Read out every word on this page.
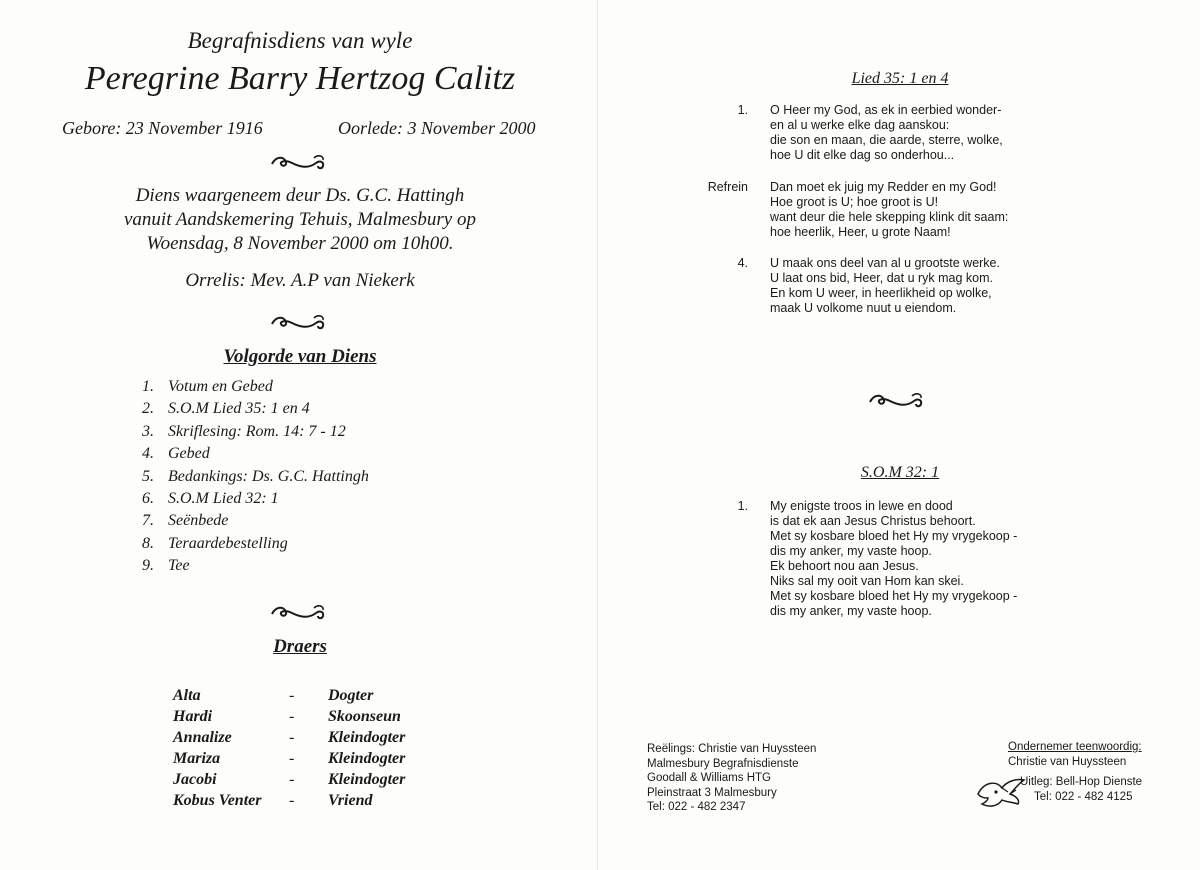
Begrafnisdiens van wyle
Peregrine Barry Hertzog Calitz
Gebore: 23 November 1916	Oorlede: 3 November 2000
Diens waargeneem deur Ds. G.C. Hattingh
vanuit Aandskemering Tehuis, Malmesbury op
Woensdag, 8 November 2000 om 10h00.
Orrelis: Mev. A.P van Niekerk
Volgorde van Diens
1. Votum en Gebed
2. S.O.M Lied 35: 1 en 4
3. Skriflesing: Rom. 14: 7 - 12
4. Gebed
5. Bedankings: Ds. G.C. Hattingh
6. S.O.M Lied 32: 1
7. Seënbede
8. Teraardebestelling
9. Tee
Draers
Alta	- Dogter
Hardi	- Skoonseun
Annalize	- Kleindogter
Mariza	- Kleindogter
Jacobi	- Kleindogter
Kobus Venter - Vriend
Lied 35: 1 en 4
1. O Heer my God, as ek in eerbied wonder-
en al u werke elke dag aanskou:
die son en maan, die aarde, sterre, wolke,
hoe U dit elke dag so onderhou...
Refrein Dan moet ek juig my Redder en my God!
Hoe groot is U; hoe groot is U!
want deur die hele skepping klink dit saam:
hoe heerlik, Heer, u grote Naam!
4. U maak ons deel van al u grootste werke.
U laat ons bid, Heer, dat u ryk mag kom.
En kom U weer, in heerlikheid op wolke,
maak U volkome nuut u eiendom.
S.O.M 32: 1
1. My enigste troos in lewe en dood
is dat ek aan Jesus Christus behoort.
Met sy kosbare bloed het Hy my vrygekoop -
dis my anker, my vaste hoop.
Ek behoort nou aan Jesus.
Niks sal my ooit van Hom kan skei.
Met sy kosbare bloed het Hy my vrygekoop -
dis my anker, my vaste hoop.
Reëlings: Christie van Huyssteen
Malmesbury Begrafnisdienste
Goodall & Williams HTG
Pleinstraat 3 Malmesbury
Tel: 022 - 482 2347
Ondernemer teenwoordig:
Christie van Huyssteen
Uitleg: Bell-Hop Dienste
Tel: 022 - 482 4125
